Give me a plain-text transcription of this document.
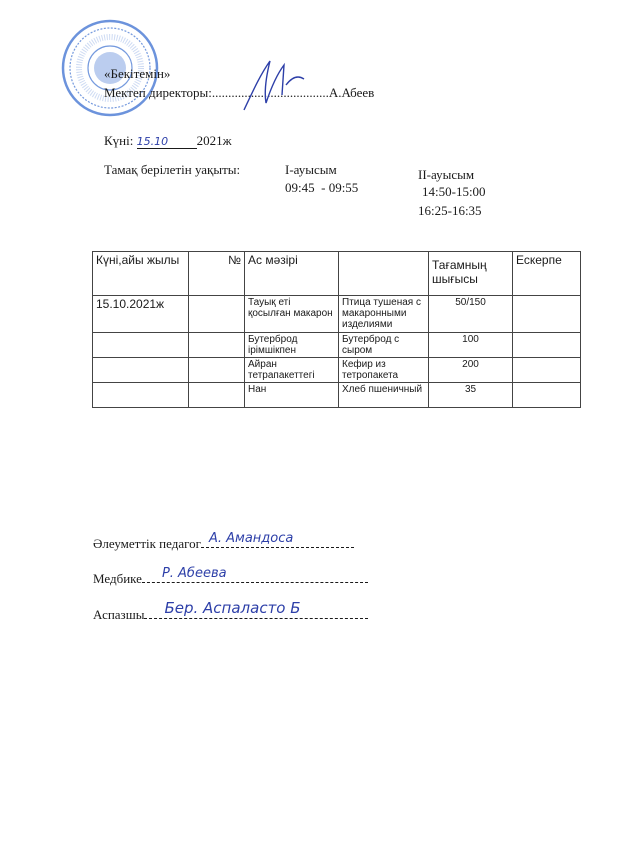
«Бекітемін»
Мектеп директоры:....................................А.Абеев
Күні: 15.10 2021ж
Тамақ берілетін уақыты:	I-ауысым
09:45  - 09:55
II-ауысым
14:50-15:00
16:25-16:35
Күні,айы жылы	№	Ас мәзірі		Тағамның шығысы	Ескерпе
15.10.2021ж		Тауық еті қосылған макарон	Птица тушеная с макаронными изделиями	50/150	
		Бутерброд ірімшікпен	Бутерброд с сыром	100	
		Айран тетрапакеттегі	Кефир из тетропакета	200	
		Нан	Хлеб пшеничный	35	
Әлеуметтік педагог А. Амандоса
Медбике Р. Абеева
Аспазшы Бер. Аспаласто Б
